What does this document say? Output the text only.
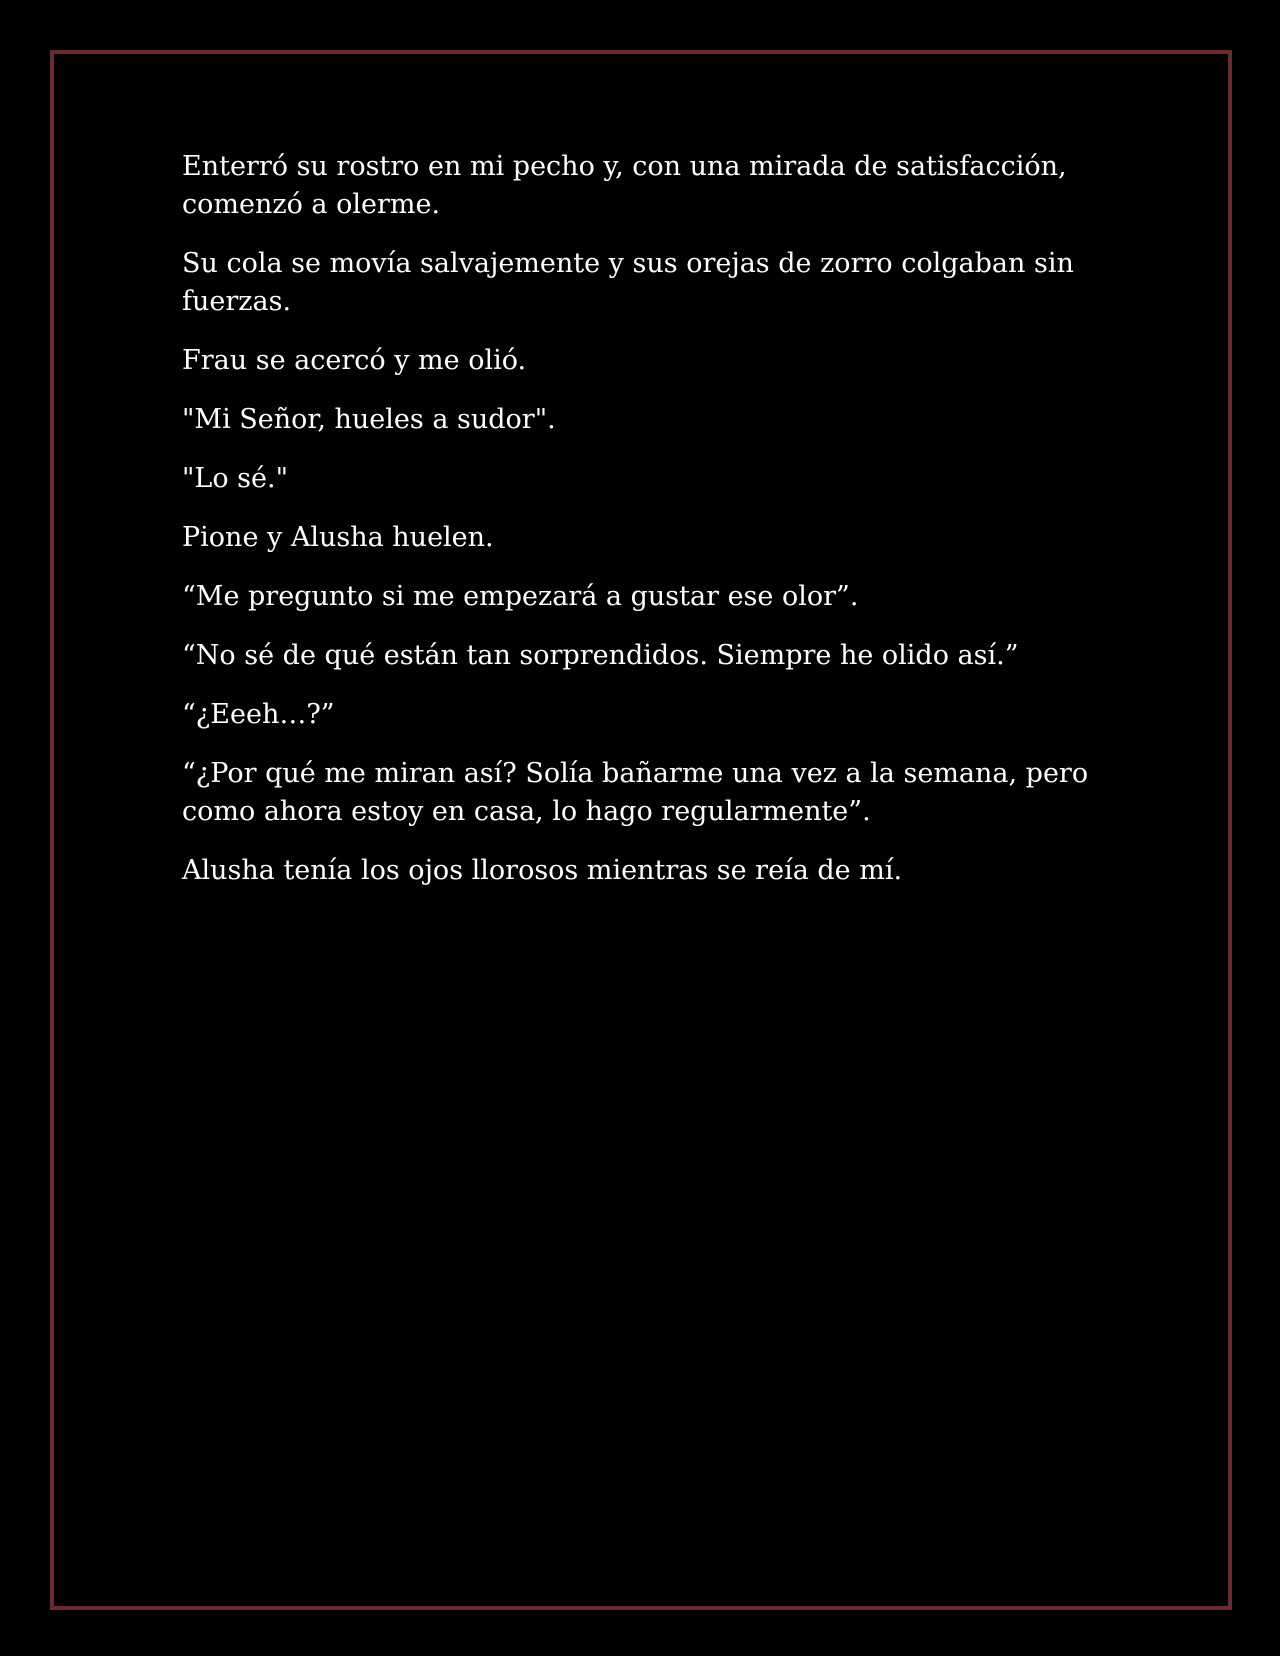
Enterró su rostro en mi pecho y, con una mirada de satisfacción, comenzó a olerme.

Su cola se movía salvajemente y sus orejas de zorro colgaban sin fuerzas.

Frau se acercó y me olió.

"Mi Señor, hueles a sudor".

"Lo sé."

Pione y Alusha huelen.

“Me pregunto si me empezará a gustar ese olor”.

“No sé de qué están tan sorprendidos. Siempre he olido así.”

“¿Eeeh…?”

“¿Por qué me miran así? Solía bañarme una vez a la semana, pero como ahora estoy en casa, lo hago regularmente”.

Alusha tenía los ojos llorosos mientras se reía de mí.
